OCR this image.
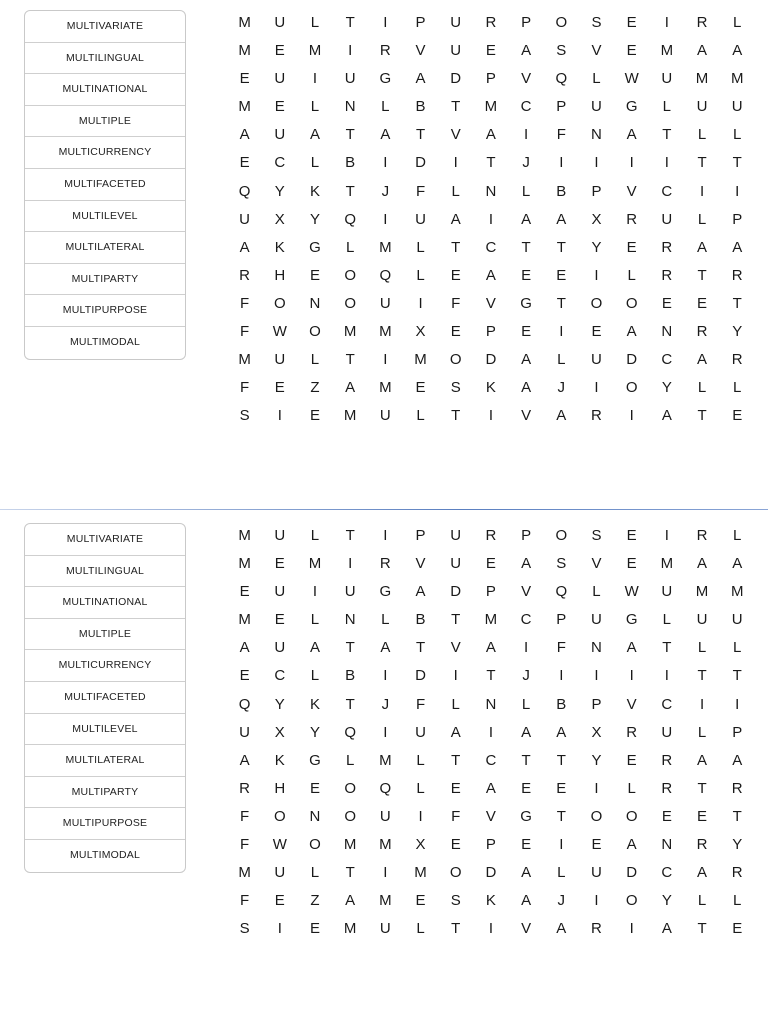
MULTIVARIATE
MULTILINGUAL
MULTINATIONAL
MULTIPLE
MULTICURRENCY
MULTIFACETED
MULTILEVEL
MULTILATERAL
MULTIPARTY
MULTIPURPOSE
MULTIMODAL
M	U	L	T	I	P	U	R	P	O	S	E	I	R	L
M	E	M	I	R	V	U	E	A	S	V	E	M	A	A
E	U	I	U	G	A	D	P	V	Q	L	W	U	M	M
M	E	L	N	L	B	T	M	C	P	U	G	L	U	U
A	U	A	T	A	T	V	A	I	F	N	A	T	L	L
E	C	L	B	I	D	I	T	J	I	I	I	I	T	T
Q	Y	K	T	J	F	L	N	L	B	P	V	C	I	I
U	X	Y	Q	I	U	A	I	A	A	X	R	U	L	P
A	K	G	L	M	L	T	C	T	T	Y	E	R	A	A
R	H	E	O	Q	L	E	A	E	E	I	L	R	T	R
F	O	N	O	U	I	F	V	G	T	O	O	E	E	T
F	W	O	M	M	X	E	P	E	I	E	A	N	R	Y
M	U	L	T	I	M	O	D	A	L	U	D	C	A	R
F	E	Z	A	M	E	S	K	A	J	I	O	Y	L	L
S	I	E	M	U	L	T	I	V	A	R	I	A	T	E
MULTIVARIATE
MULTILINGUAL
MULTINATIONAL
MULTIPLE
MULTICURRENCY
MULTIFACETED
MULTILEVEL
MULTILATERAL
MULTIPARTY
MULTIPURPOSE
MULTIMODAL
M	U	L	T	I	P	U	R	P	O	S	E	I	R	L
M	E	M	I	R	V	U	E	A	S	V	E	M	A	A
E	U	I	U	G	A	D	P	V	Q	L	W	U	M	M
M	E	L	N	L	B	T	M	C	P	U	G	L	U	U
A	U	A	T	A	T	V	A	I	F	N	A	T	L	L
E	C	L	B	I	D	I	T	J	I	I	I	I	T	T
Q	Y	K	T	J	F	L	N	L	B	P	V	C	I	I
U	X	Y	Q	I	U	A	I	A	A	X	R	U	L	P
A	K	G	L	M	L	T	C	T	T	Y	E	R	A	A
R	H	E	O	Q	L	E	A	E	E	I	L	R	T	R
F	O	N	O	U	I	F	V	G	T	O	O	E	E	T
F	W	O	M	M	X	E	P	E	I	E	A	N	R	Y
M	U	L	T	I	M	O	D	A	L	U	D	C	A	R
F	E	Z	A	M	E	S	K	A	J	I	O	Y	L	L
S	I	E	M	U	L	T	I	V	A	R	I	A	T	E
